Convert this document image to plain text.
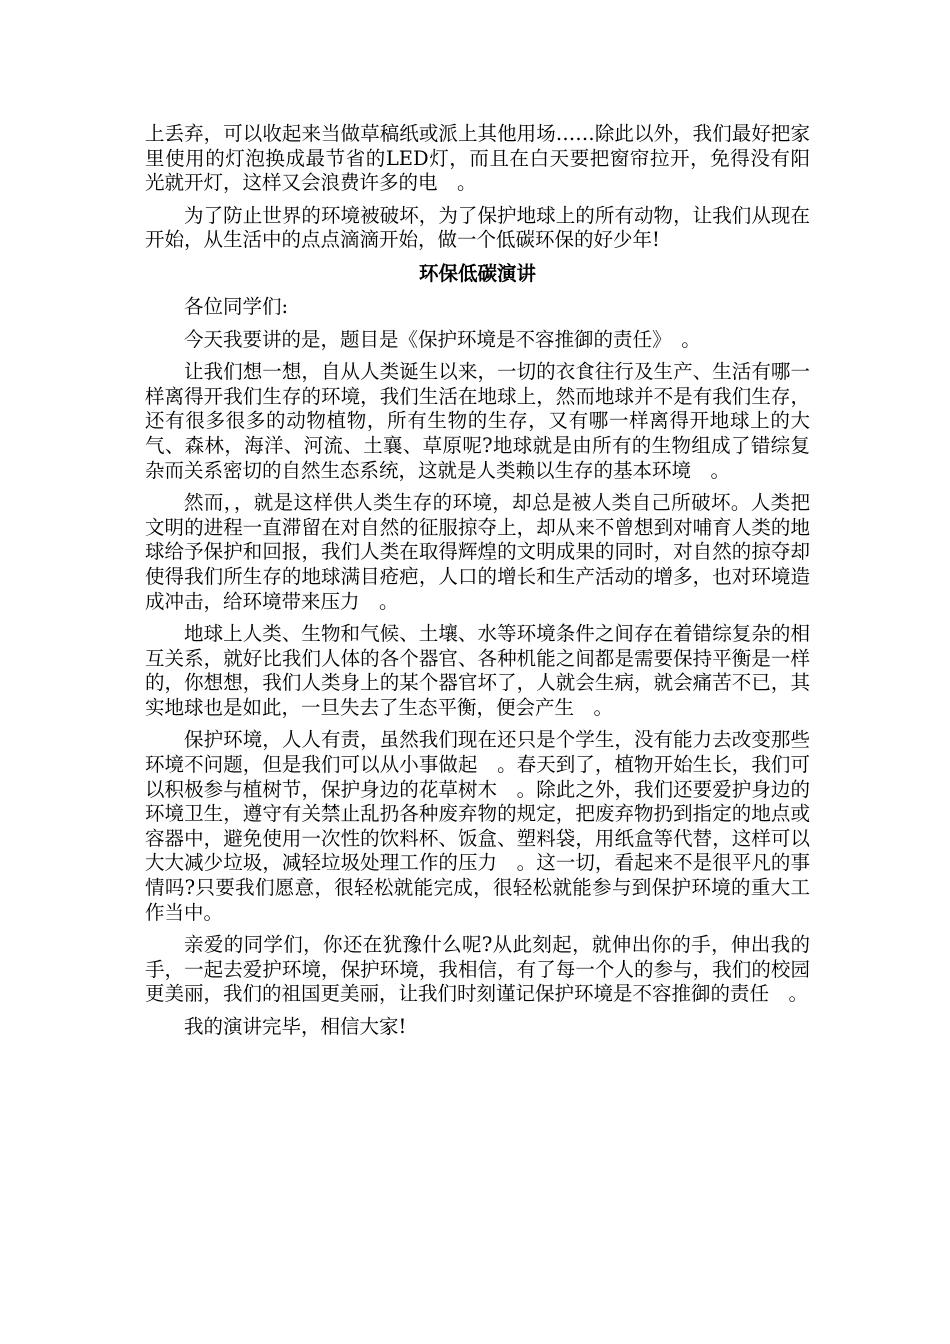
上丢弃，可以收起来当做草稿纸或派上其他用场……除此以外，我们最好把家里使用的灯泡换成最节省的LED灯，而且在白天要把窗帘拉开，免得没有阳光就开灯，这样又会浪费许多的电　。

为了防止世界的环境被破坏，为了保护地球上的所有动物，让我们从现在开始，从生活中的点点滴滴开始，做一个低碳环保的好少年!

环保低碳演讲

各位同学们:

今天我要讲的是，题目是《保护环境是不容推御的责任》　。

让我们想一想，自从人类诞生以来，一切的衣食往行及生产、生活有哪一样离得开我们生存的环境，我们生活在地球上，然而地球并不是有我们生存，还有很多很多的动物植物，所有生物的生存，又有哪一样离得开地球上的大气、森林，海洋、河流、土襄、草原呢?地球就是由所有的生物组成了错综复杂而关系密切的自然生态系统，这就是人类赖以生存的基本环境　。

然而，，就是这样供人类生存的环境，却总是被人类自己所破坏。人类把文明的进程一直滞留在对自然的征服掠夺上，却从来不曾想到对哺育人类的地球给予保护和回报，我们人类在取得辉煌的文明成果的同时，对自然的掠夺却使得我们所生存的地球满目疮疤，人口的增长和生产活动的增多，也对环境造成冲击，给环境带来压力　。

地球上人类、生物和气候、土壤、水等环境条件之间存在着错综复杂的相互关系，就好比我们人体的各个器官、各种机能之间都是需要保持平衡是一样的，你想想，我们人类身上的某个器官坏了，人就会生病，就会痛苦不已，其实地球也是如此，一旦失去了生态平衡，便会产生　。

保护环境，人人有责，虽然我们现在还只是个学生，没有能力去改变那些环境不问题，但是我们可以从小事做起　。春天到了，植物开始生长，我们可以积极参与植树节，保护身边的花草树木　。除此之外，我们还要爱护身边的环境卫生，遵守有关禁止乱扔各种废弃物的规定，把废弃物扔到指定的地点或容器中，避免使用一次性的饮料杯、饭盒、塑料袋，用纸盒等代替，这样可以大大减少垃圾，减轻垃圾处理工作的压力　。这一切，看起来不是很平凡的事情吗?只要我们愿意，很轻松就能完成，很轻松就能参与到保护环境的重大工作当中。

亲爱的同学们，你还在犹豫什么呢?从此刻起，就伸出你的手，伸出我的手，一起去爱护环境，保护环境，我相信，有了每一个人的参与，我们的校园更美丽，我们的祖国更美丽，让我们时刻谨记保护环境是不容推御的责任　。

我的演讲完毕，相信大家!
